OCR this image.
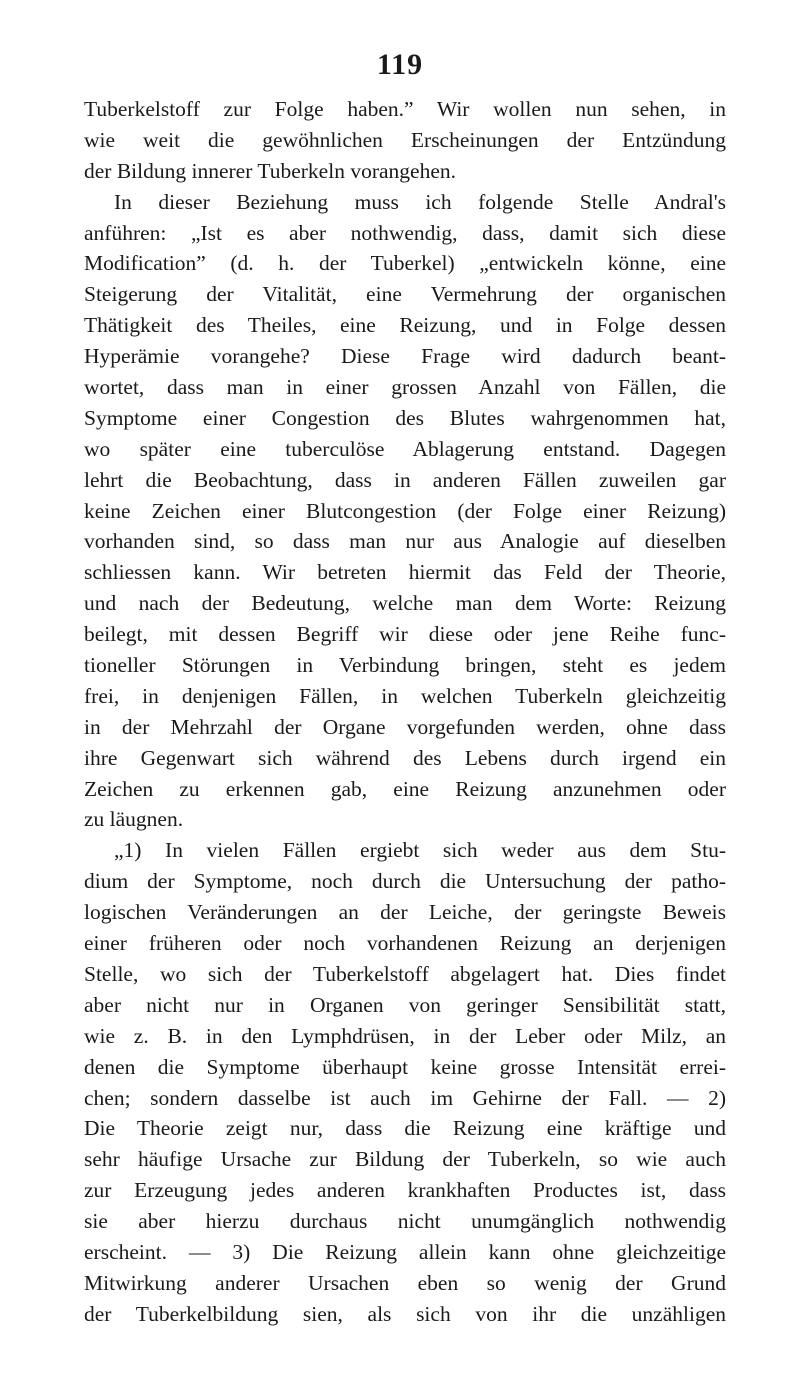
119
Tuberkelstoff zur Folge haben.” Wir wollen nun sehen, in
wie weit die gewöhnlichen Erscheinungen der Entzündung
der Bildung innerer Tuberkeln vorangehen.
In dieser Beziehung muss ich folgende Stelle Andral's
anführen: „Ist es aber nothwendig, dass, damit sich diese
Modification” (d. h. der Tuberkel) „entwickeln könne, eine
Steigerung der Vitalität, eine Vermehrung der organischen
Thätigkeit des Theiles, eine Reizung, und in Folge dessen
Hyperämie vorangehe? Diese Frage wird dadurch beant-
wortet, dass man in einer grossen Anzahl von Fällen, die
Symptome einer Congestion des Blutes wahrgenommen hat,
wo später eine tuberculöse Ablagerung entstand. Dagegen
lehrt die Beobachtung, dass in anderen Fällen zuweilen gar
keine Zeichen einer Blutcongestion (der Folge einer Reizung)
vorhanden sind, so dass man nur aus Analogie auf dieselben
schliessen kann. Wir betreten hiermit das Feld der Theorie,
und nach der Bedeutung, welche man dem Worte: Reizung
beilegt, mit dessen Begriff wir diese oder jene Reihe func-
tioneller Störungen in Verbindung bringen, steht es jedem
frei, in denjenigen Fällen, in welchen Tuberkeln gleichzeitig
in der Mehrzahl der Organe vorgefunden werden, ohne dass
ihre Gegenwart sich während des Lebens durch irgend ein
Zeichen zu erkennen gab, eine Reizung anzunehmen oder
zu läugnen.
„1) In vielen Fällen ergiebt sich weder aus dem Stu-
dium der Symptome, noch durch die Untersuchung der patho-
logischen Veränderungen an der Leiche, der geringste Beweis
einer früheren oder noch vorhandenen Reizung an derjenigen
Stelle, wo sich der Tuberkelstoff abgelagert hat. Dies findet
aber nicht nur in Organen von geringer Sensibilität statt,
wie z. B. in den Lymphdrüsen, in der Leber oder Milz, an
denen die Symptome überhaupt keine grosse Intensität errei-
chen; sondern dasselbe ist auch im Gehirne der Fall. — 2)
Die Theorie zeigt nur, dass die Reizung eine kräftige und
sehr häufige Ursache zur Bildung der Tuberkeln, so wie auch
zur Erzeugung jedes anderen krankhaften Productes ist, dass
sie aber hierzu durchaus nicht unumgänglich nothwendig
erscheint. — 3) Die Reizung allein kann ohne gleichzeitige
Mitwirkung anderer Ursachen eben so wenig der Grund
der Tuberkelbildung sien, als sich von ihr die unzähligen
